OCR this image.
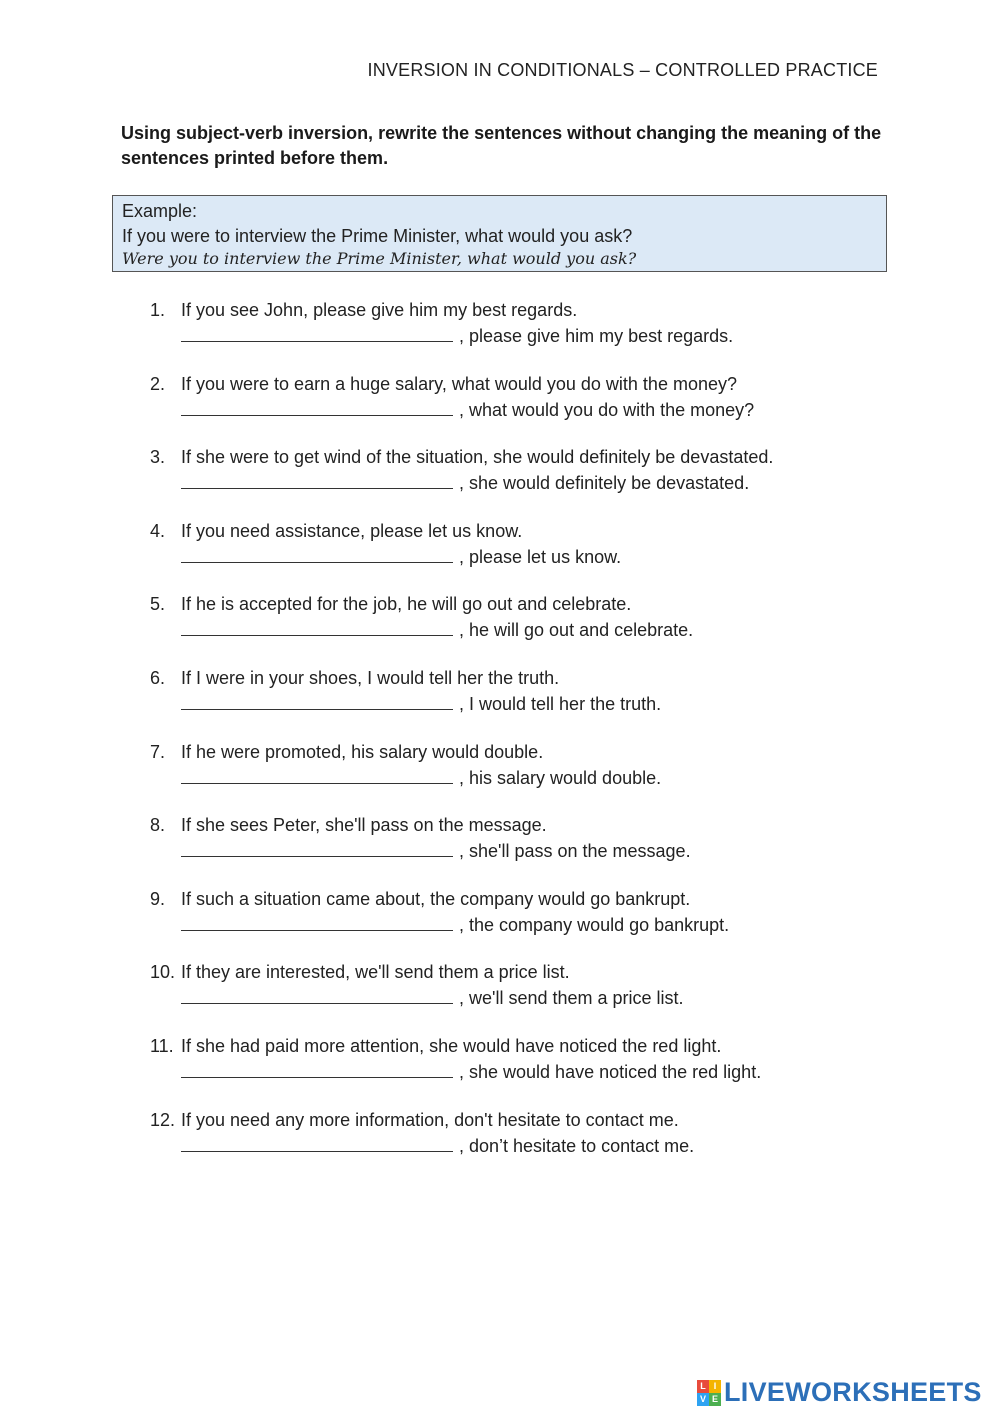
INVERSION IN CONDITIONALS – CONTROLLED PRACTICE
Using subject-verb inversion, rewrite the sentences without changing the meaning of the sentences printed before them.
Example:
If you were to interview the Prime Minister, what would you ask?
Were you to interview the Prime Minister, what would you ask?
1. If you see John, please give him my best regards.
, please give him my best regards.
2. If you were to earn a huge salary, what would you do with the money?
, what would you do with the money?
3. If she were to get wind of the situation, she would definitely be devastated.
, she would definitely be devastated.
4. If you need assistance, please let us know.
, please let us know.
5. If he is accepted for the job, he will go out and celebrate.
, he will go out and celebrate.
6. If I were in your shoes, I would tell her the truth.
, I would tell her the truth.
7. If he were promoted, his salary would double.
, his salary would double.
8. If she sees Peter, she'll pass on the message.
, she'll pass on the message.
9. If such a situation came about, the company would go bankrupt.
, the company would go bankrupt.
10. If they are interested, we'll send them a price list.
, we'll send them a price list.
11. If she had paid more attention, she would have noticed the red light.
, she would have noticed the red light.
12. If you need any more information, don't hesitate to contact me.
, don’t hesitate to contact me.
L I
V E LIVEWORKSHEETS
